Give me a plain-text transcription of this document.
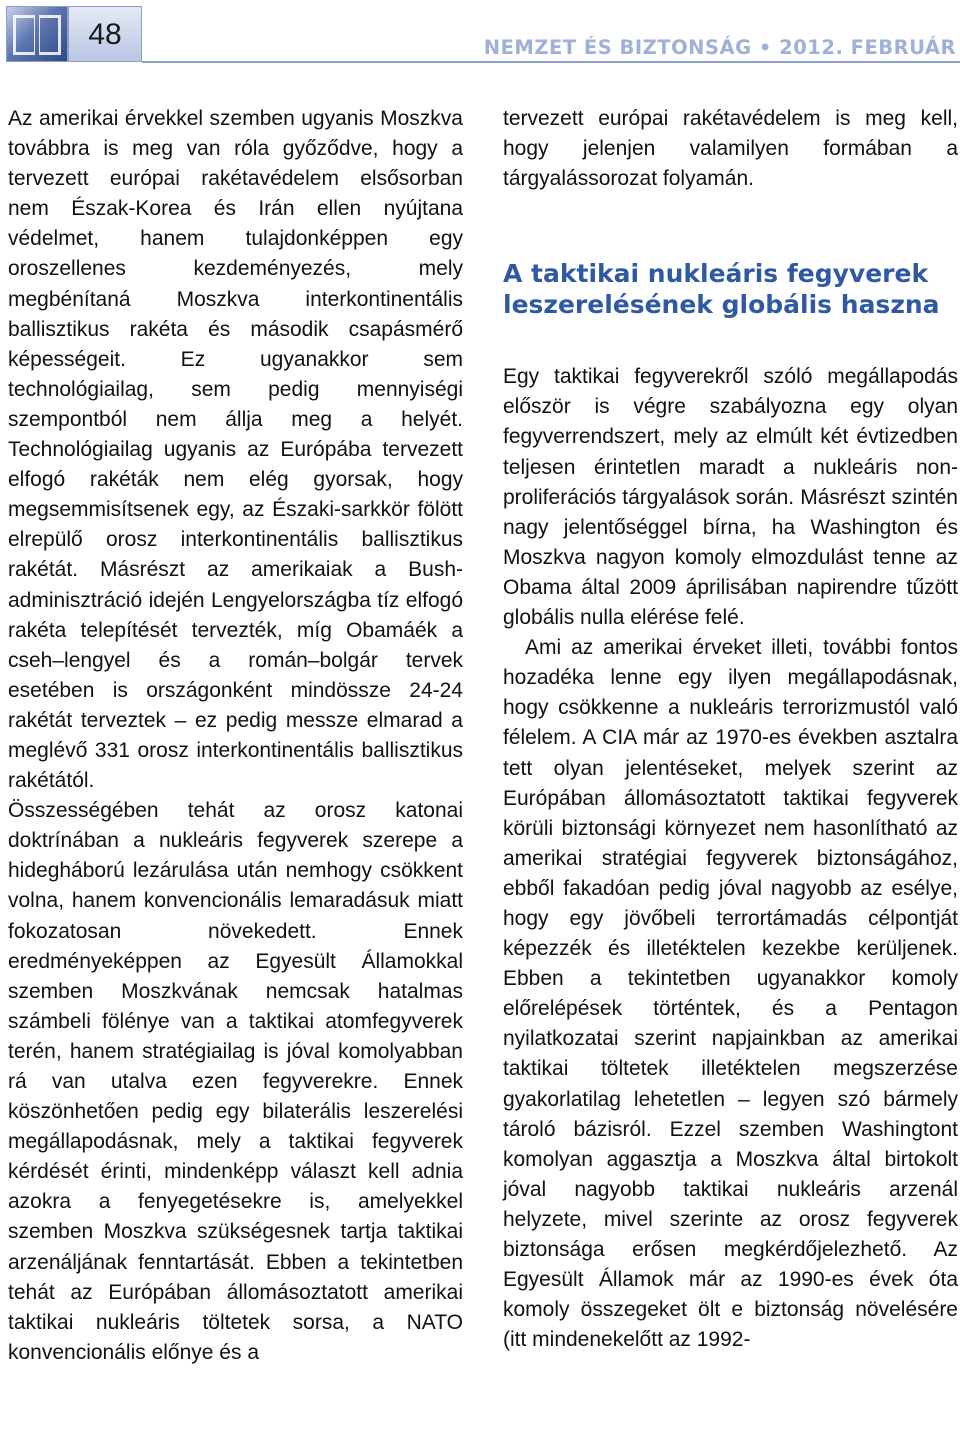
48	NEMZET ÉS BIZTONSÁG • 2012. FEBRUÁR

Az amerikai érvekkel szemben ugyanis Moszkva továbbra is meg van róla győződve, hogy a tervezett európai rakétavédelem elsősorban nem Észak-Korea és Irán ellen nyújtana védelmet, hanem tulajdonképpen egy oroszellenes kezdeményezés, mely megbénítaná Moszkva interkontinentális ballisztikus rakéta és második csapásmérő képességeit. Ez ugyanakkor sem technológiailag, sem pedig mennyiségi szempontból nem állja meg a helyét. Technológiailag ugyanis az Európába tervezett elfogó rakéták nem elég gyorsak, hogy megsemmisítsenek egy, az Északi-sarkkör fölött elrepülő orosz interkontinentális ballisztikus rakétát. Másrészt az amerikaiak a Bush-adminisztráció idején Lengyelországba tíz elfogó rakéta telepítését tervezték, míg Obamáék a cseh–lengyel és a román–bolgár tervek esetében is országonként mindössze 24-24 rakétát terveztek – ez pedig messze elmarad a meglévő 331 orosz interkontinentális ballisztikus rakétától.

Összességében tehát az orosz katonai doktrínában a nukleáris fegyverek szerepe a hidegháború lezárulása után nemhogy csökkent volna, hanem konvencionális lemaradásuk miatt fokozatosan növekedett. Ennek eredményeképpen az Egyesült Államokkal szemben Moszkvának nemcsak hatalmas számbeli fölénye van a taktikai atomfegyverek terén, hanem stratégiailag is jóval komolyabban rá van utalva ezen fegyverekre. Ennek köszönhetően pedig egy bilaterális leszerelési megállapodásnak, mely a taktikai fegyverek kérdését érinti, mindenképp választ kell adnia azokra a fenyegetésekre is, amelyekkel szemben Moszkva szükségesnek tartja taktikai arzenáljának fenntartását. Ebben a tekintetben tehát az Európában állomásoztatott amerikai taktikai nukleáris töltetek sorsa, a NATO konvencionális előnye és a

tervezett európai rakétavédelem is meg kell, hogy jelenjen valamilyen formában a tárgyalássorozat folyamán.

A taktikai nukleáris fegyverek leszerelésének globális haszna

Egy taktikai fegyverekről szóló megállapodás először is végre szabályozna egy olyan fegyverrendszert, mely az elmúlt két évtizedben teljesen érintetlen maradt a nukleáris non-proliferációs tárgyalások során. Másrészt szintén nagy jelentőséggel bírna, ha Washington és Moszkva nagyon komoly elmozdulást tenne az Obama által 2009 áprilisában napirendre tűzött globális nulla elérése felé.

Ami az amerikai érveket illeti, további fontos hozadéka lenne egy ilyen megállapodásnak, hogy csökkenne a nukleáris terrorizmustól való félelem. A CIA már az 1970-es években asztalra tett olyan jelentéseket, melyek szerint az Európában állomásoztatott taktikai fegyverek körüli biztonsági környezet nem hasonlítható az amerikai stratégiai fegyverek biztonságához, ebből fakadóan pedig jóval nagyobb az esélye, hogy egy jövőbeli terrortámadás célpontját képezzék és illetéktelen kezekbe kerüljenek. Ebben a tekintetben ugyanakkor komoly előrelépések történtek, és a Pentagon nyilatkozatai szerint napjainkban az amerikai taktikai töltetek illetéktelen megszerzése gyakorlatilag lehetetlen – legyen szó bármely tároló bázisról. Ezzel szemben Washingtont komolyan aggasztja a Moszkva által birtokolt jóval nagyobb taktikai nukleáris arzenál helyzete, mivel szerinte az orosz fegyverek biztonsága erősen megkérdőjelezhető. Az Egyesült Államok már az 1990-es évek óta komoly összegeket ölt e biztonság növelésére (itt mindenekelőtt az 1992-
